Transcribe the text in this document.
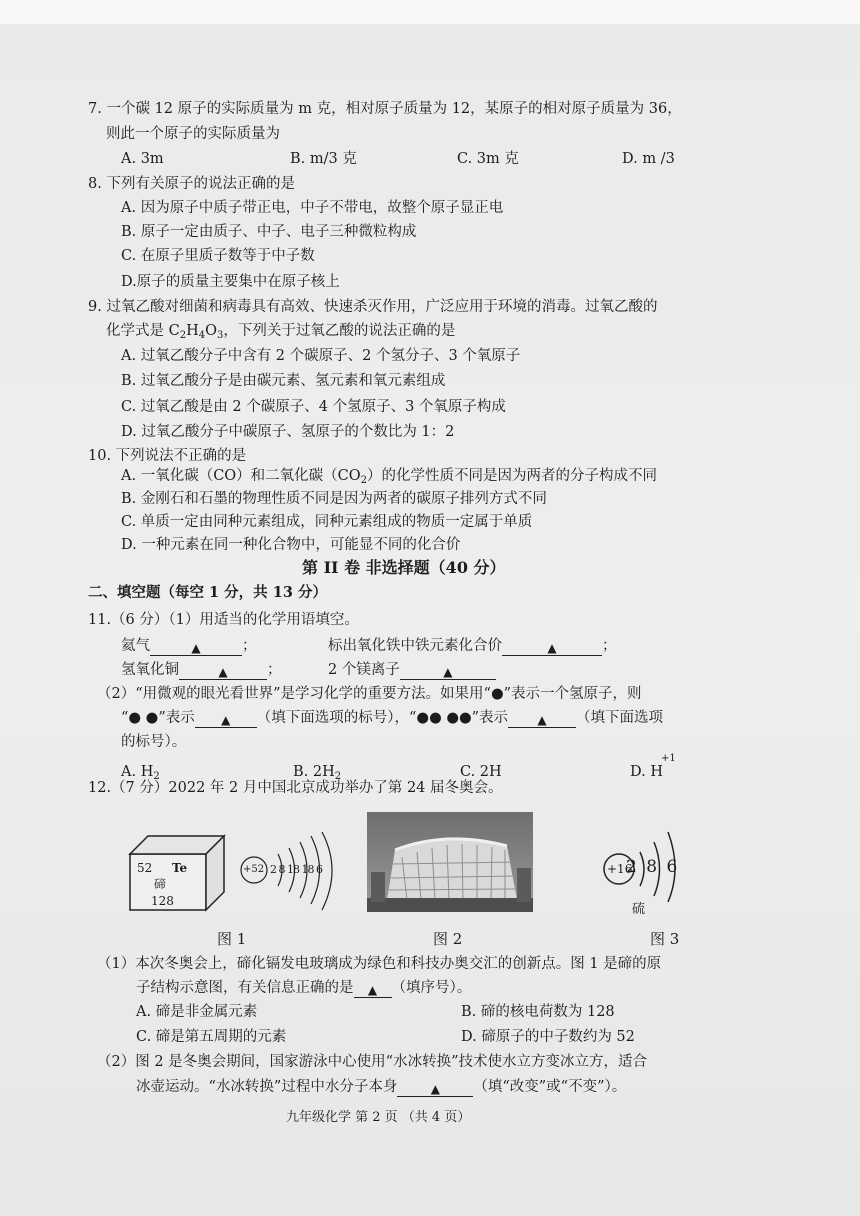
7. 一个碳 12 原子的实际质量为 m 克，相对原子质量为 12，某原子的相对原子质量为 36，
则此一个原子的实际质量为
A. 3m	B. m/3 克	C. 3m 克	D. m /3
8. 下列有关原子的说法正确的是
A. 因为原子中质子带正电，中子不带电，故整个原子显正电
B. 原子一定由质子、中子、电子三种微粒构成
C. 在原子里质子数等于中子数
D.原子的质量主要集中在原子核上
9. 过氧乙酸对细菌和病毒具有高效、快速杀灭作用，广泛应用于环境的消毒。过氧乙酸的
化学式是 $C_2H_4O_3$，下列关于过氧乙酸的说法正确的是
A. 过氧乙酸分子中含有 2 个碳原子、2 个氢分子、3 个氧原子
B. 过氧乙酸分子是由碳元素、氢元素和氧元素组成
C. 过氧乙酸是由 2 个碳原子、4 个氢原子、3 个氧原子构成
D. 过氧乙酸分子中碳原子、氢原子的个数比为 1：2
10. 下列说法不正确的是
A. 一氧化碳（CO）和二氧化碳$(CO_2)$的化学性质不同是因为两者的分子构成不同
B. 金刚石和石墨的物理性质不同是因为两者的碳原子排列方式不同
C. 单质一定由同种元素组成，同种元素组成的物质一定属于单质
D. 一种元素在同一种化合物中，可能显不同的化合价
第 II 卷 非选择题（40 分）
二、填空题（每空 1 分，共 13 分）
11.（6 分）（1）用适当的化学用语填空。
氦气	▲	；	标出氧化铁中铁元素化合价	▲	；
氢氧化铜	▲	；	2 个镁离子	▲
（2）“用微观的眼光看世界”是学习化学的重要方法。如果用“●”表示一个氢原子，则
“● ●”表示 ▲ （填下面选项的标号），“●● ●●”表示 ▲ （填下面选项
的标号）。
A. $H_2$	B. $2H_2$	C. 2H	D. H
+1
12.（7 分）2022 年 2 月中国北京成功举办了第 24 届冬奥会。
52 Te
碲
128
+52 2 8 18 18 6	+16
2 8 6
硫
图 1	图 2	图 3
（1）本次冬奥会上，碲化镉发电玻璃成为绿色和科技办奥交汇的创新点。图 1 是碲的原
子结构示意图，有关信息正确的是 ▲ （填序号）。
A. 碲是非金属元素	B. 碲的核电荷数为 128
C. 碲是第五周期的元素	D. 碲原子的中子数约为 52
（2）图 2 是冬奥会期间，国家游泳中心使用“水冰转换”技术使水立方变冰立方，适合
冰壶运动。“水冰转换”过程中水分子本身	▲ （填“改变”或“不变”）。
九年级化学 第 2 页 （共 4 页）
